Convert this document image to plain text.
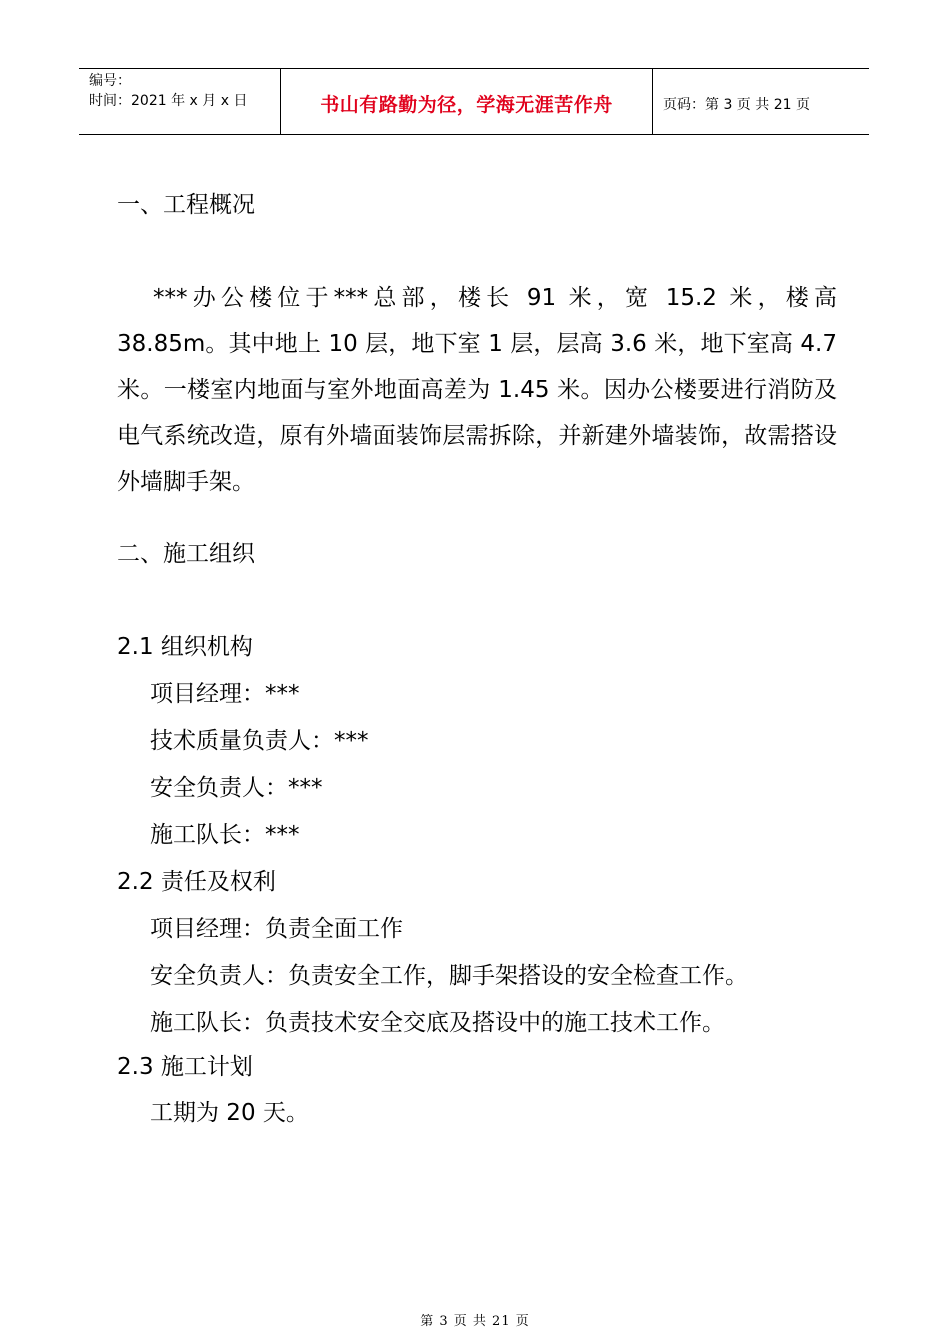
编号：
时间：2021 年 x 月 x 日	书山有路勤为径，学海无涯苦作舟	页码：第 3 页 共 21 页
一、工程概况
***办公楼位于***总部，楼长 91 米，宽 15.2 米，楼高 38.85m。其中地上 10 层，地下室 1 层，层高 3.6 米，地下室高 4.7 米。一楼室内地面与室外地面高差为 1.45 米。因办公楼要进行消防及电气系统改造，原有外墙面装饰层需拆除，并新建外墙装饰，故需搭设外墙脚手架。
二、施工组织
2.1 组织机构
项目经理：***
技术质量负责人：***
安全负责人：***
施工队长：***
2.2 责任及权利
项目经理：负责全面工作
安全负责人：负责安全工作，脚手架搭设的安全检查工作。
施工队长：负责技术安全交底及搭设中的施工技术工作。
2.3 施工计划
工期为 20 天。
第 3 页 共 21 页
